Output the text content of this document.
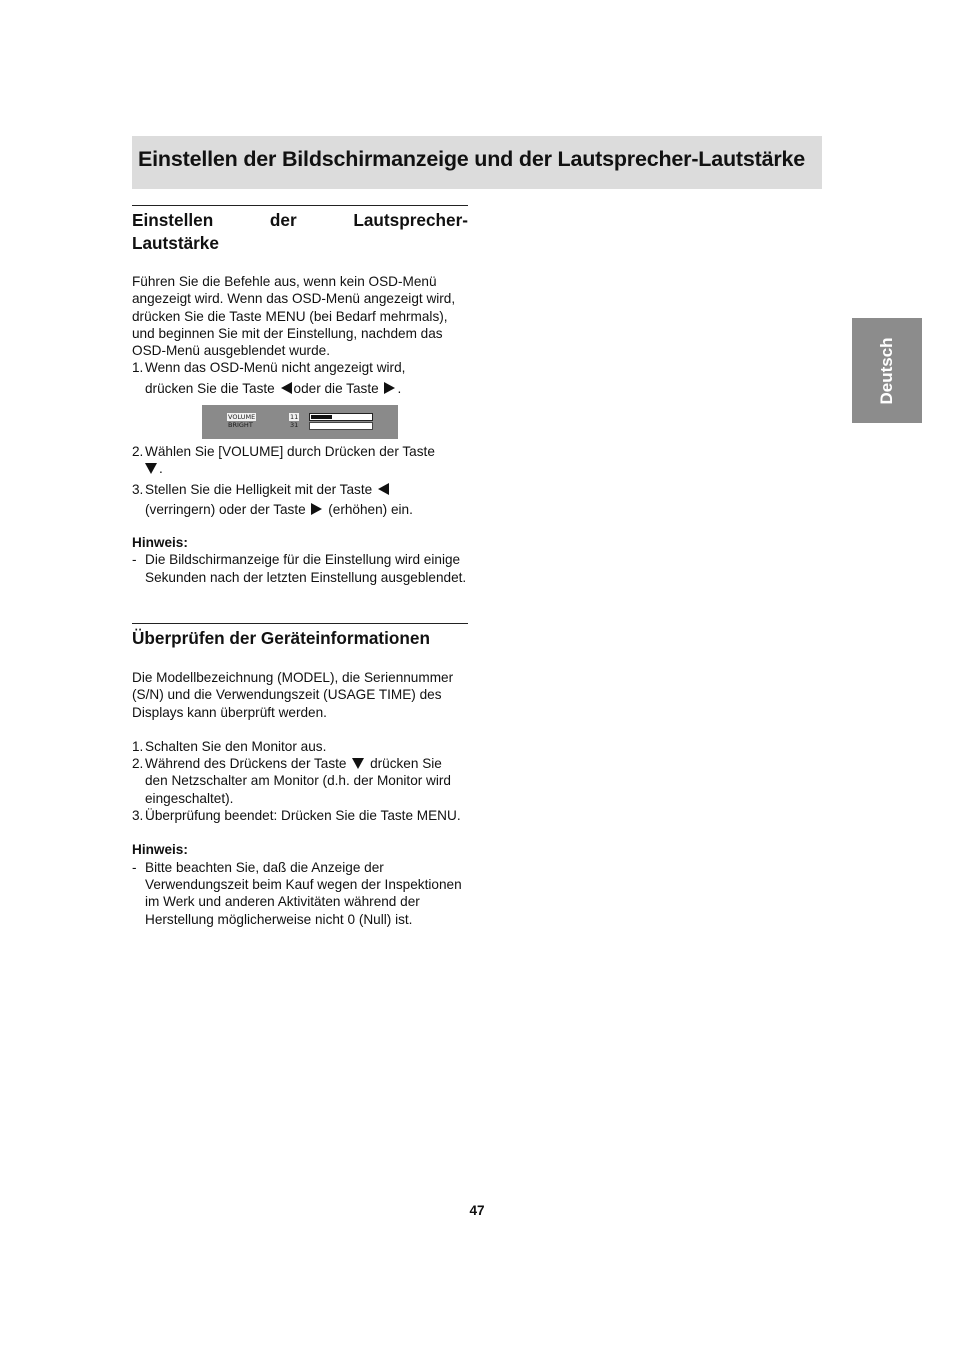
Einstellen der Bildschirmanzeige und der Lautsprecher-Lautstärke
Deutsch
Einstellen	der	Lautsprecher-
Lautstärke

Führen Sie die Befehle aus, wenn kein OSD-Menü angezeigt wird. Wenn das OSD-Menü angezeigt wird, drücken Sie die Taste MENU (bei Bedarf mehrmals), und beginnen Sie mit der Einstellung, nachdem das OSD-Menü ausgeblendet wurde.

1. Wenn das OSD-Menü nicht angezeigt wird,
drücken Sie die Taste oder die Taste .
VOLUME	11
BRIGHT	31
2. Wählen Sie [VOLUME] durch Drücken der Taste
.
3. Stellen Sie die Helligkeit mit der Taste
(verringern) oder der Taste (erhöhen) ein.

Hinweis:

- Die Bildschirmanzeige für die Einstellung wird einige Sekunden nach der letzten Einstellung ausgeblendet.
Überprüfen der Geräteinformationen

Die Modellbezeichnung (MODEL), die Seriennummer (S/N) und die Verwendungszeit (USAGE TIME) des Displays kann überprüft werden.

1. Schalten Sie den Monitor aus.
2. Während des Drückens der Taste drücken Sie den Netzschalter am Monitor (d.h. der Monitor wird eingeschaltet).
3. Überprüfung beendet: Drücken Sie die Taste MENU.

Hinweis:

- Bitte beachten Sie, daß die Anzeige der Verwendungszeit beim Kauf wegen der Inspektionen im Werk und anderen Aktivitäten während der Herstellung möglicherweise nicht 0 (Null) ist.
47
